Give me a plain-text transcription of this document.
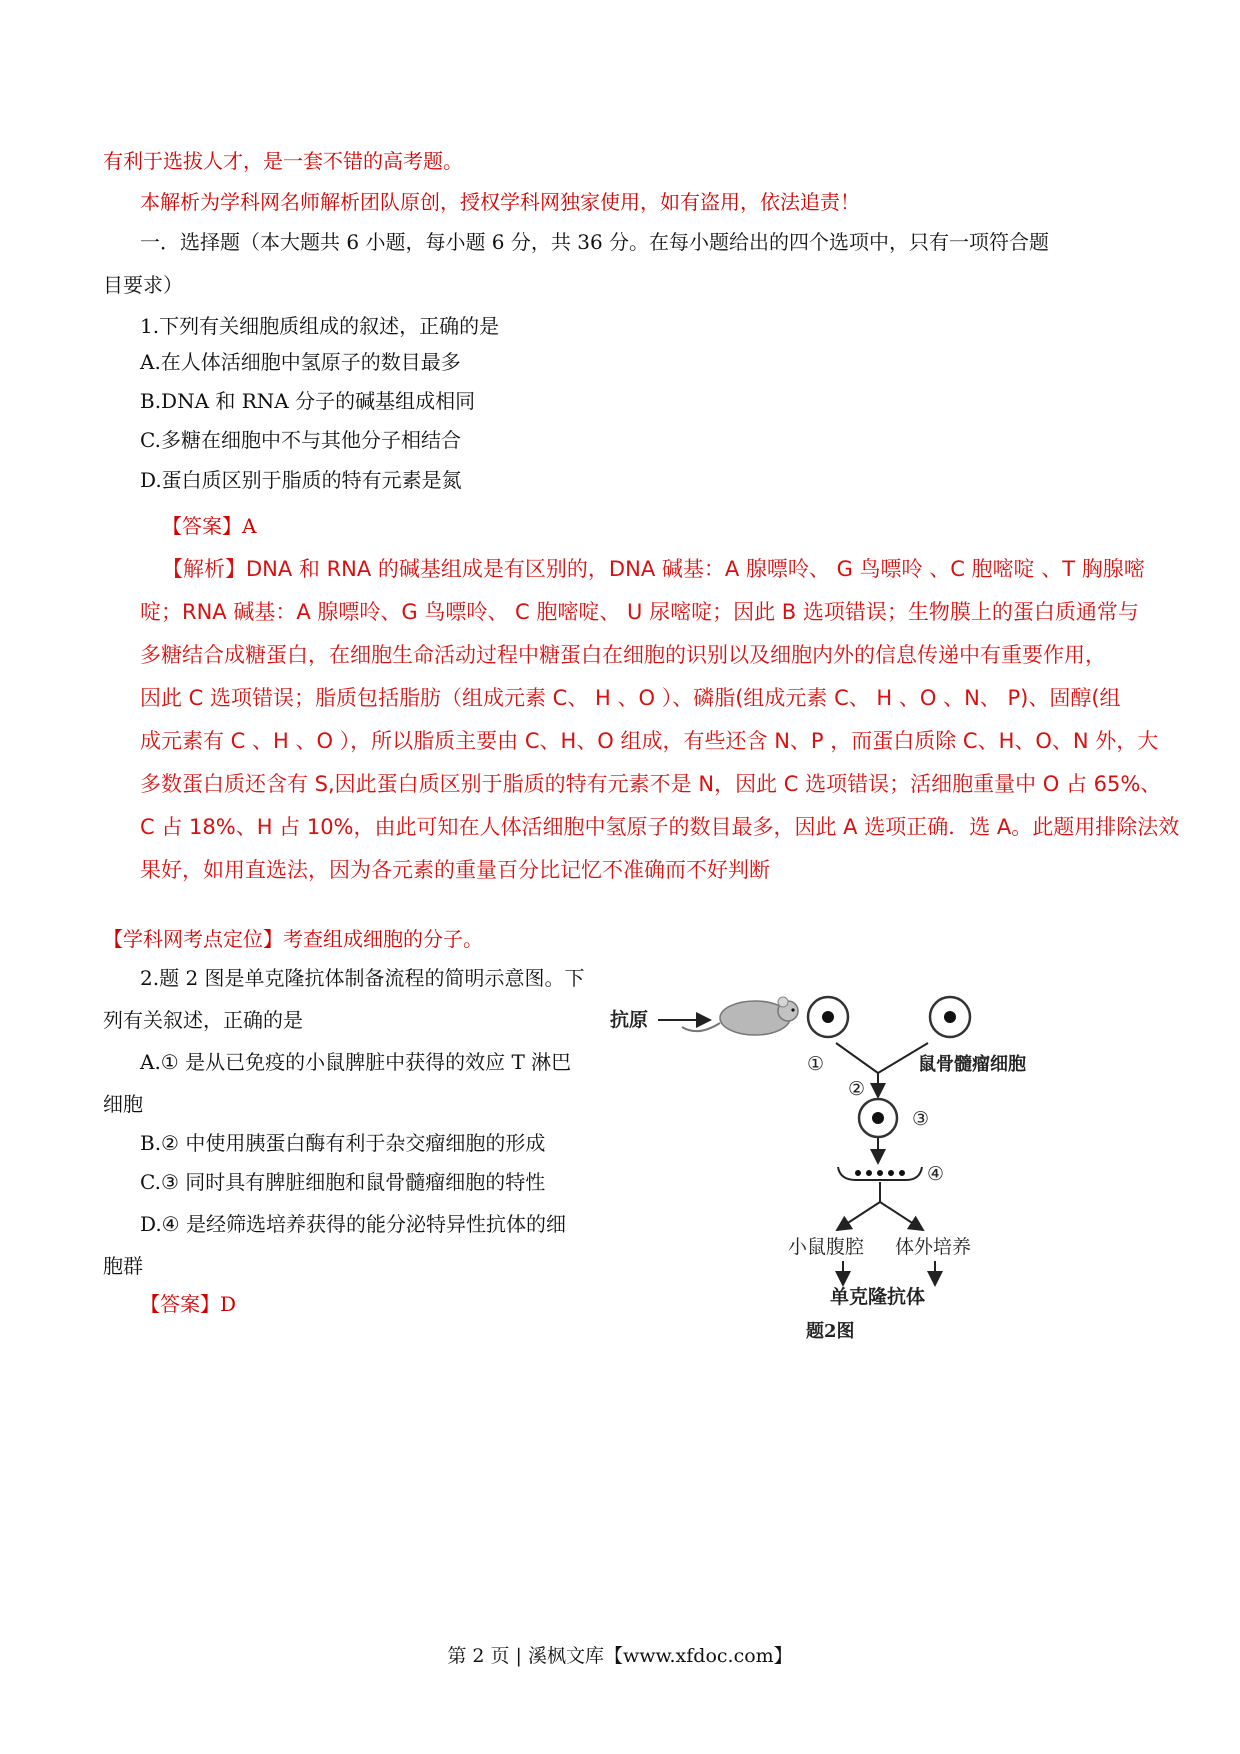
有利于选拔人才，是一套不错的高考题。
本解析为学科网名师解析团队原创，授权学科网独家使用，如有盗用，依法追责！
一．选择题（本大题共 6 小题，每小题 6 分，共 36 分。在每小题给出的四个选项中，只有一项符合题
目要求）
1.下列有关细胞质组成的叙述，正确的是
A.在人体活细胞中氢原子的数目最多
B.DNA 和 RNA 分子的碱基组成相同
C.多糖在细胞中不与其他分子相结合
D.蛋白质区别于脂质的特有元素是氮
【答案】A
【解析】DNA 和 RNA 的碱基组成是有区别的，DNA 碱基：A 腺嘌呤、 G 鸟嘌呤 、C 胞嘧啶 、T 胸腺嘧
啶；RNA 碱基：A 腺嘌呤、G 鸟嘌呤、 C 胞嘧啶、 U 尿嘧啶；因此 B 选项错误；生物膜上的蛋白质通常与
多糖结合成糖蛋白，在细胞生命活动过程中糖蛋白在细胞的识别以及细胞内外的信息传递中有重要作用，
因此 C 选项错误；脂质包括脂肪（组成元素 C、 H 、O ）、磷脂(组成元素 C、 H 、O 、N、 P)、固醇(组
成元素有 C 、H 、O ），所以脂质主要由 C、H、O 组成，有些还含 N、P ，而蛋白质除 C、H、O、N 外，大
多数蛋白质还含有 S,因此蛋白质区别于脂质的特有元素不是 N，因此 C 选项错误；活细胞重量中 O 占 65%、
C 占 18%、H 占 10%，由此可知在人体活细胞中氢原子的数目最多，因此 A 选项正确．选 A。此题用排除法效
果好，如用直选法，因为各元素的重量百分比记忆不准确而不好判断
【学科网考点定位】考查组成细胞的分子。
2.题 2 图是单克隆抗体制备流程的简明示意图。下
列有关叙述，正确的是
A.① 是从已免疫的小鼠脾脏中获得的效应 T 淋巴
细胞
B.② 中使用胰蛋白酶有利于杂交瘤细胞的形成
C.③ 同时具有脾脏细胞和鼠骨髓瘤细胞的特性
D.④ 是经筛选培养获得的能分泌特异性抗体的细
胞群
【答案】D
抗原
①	鼠骨髓瘤细胞
②
③
④
小鼠腹腔 体外培养
单克隆抗体
题2图
第 2 页 | 溪枫文库【www.xfdoc.com】
